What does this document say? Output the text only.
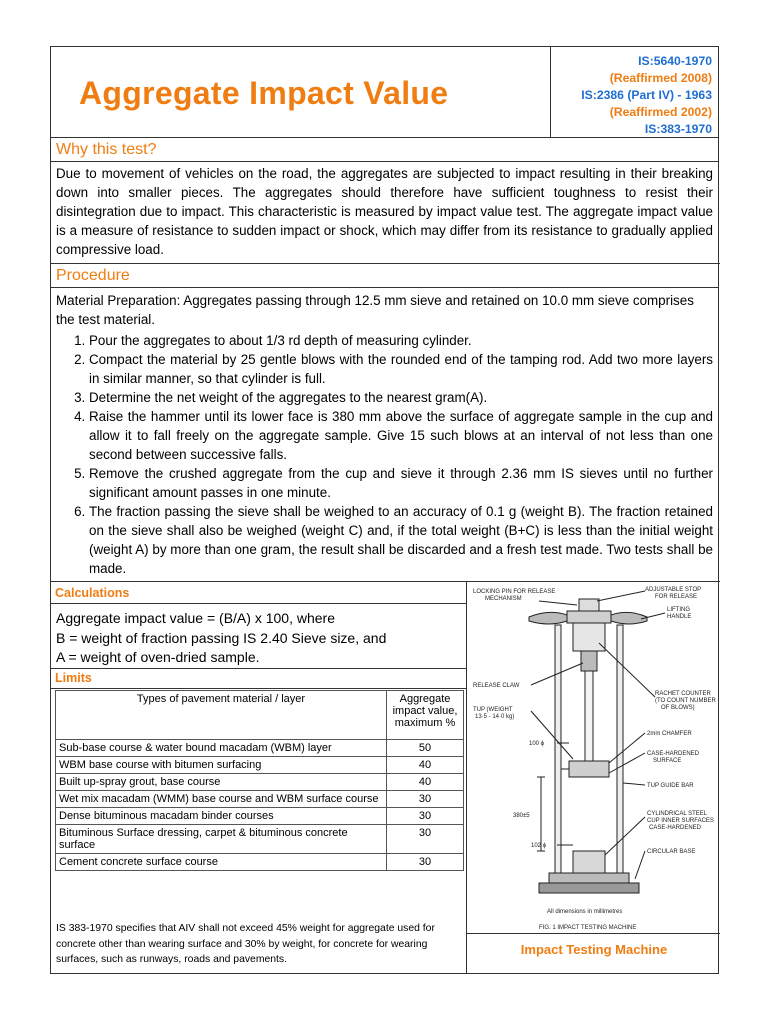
Aggregate Impact Value
IS:5640-1970
(Reaffirmed 2008)
IS:2386 (Part IV) - 1963
(Reaffirmed 2002)
IS:383-1970
Why this test?
Due to movement of vehicles on the road, the aggregates are subjected to impact resulting in their breaking down into smaller pieces. The aggregates should therefore have sufficient toughness to resist their disintegration due to impact. This characteristic is measured by impact value test. The aggregate impact value is a measure of resistance to sudden impact or shock, which may differ from its resistance to gradually applied compressive load.
Procedure
Material Preparation: Aggregates passing through 12.5 mm sieve and retained on 10.0 mm sieve comprises the test material.
1. Pour the aggregates to about 1/3 rd depth of measuring cylinder.
2. Compact the material by 25 gentle blows with the rounded end of the tamping rod. Add two more layers in similar manner, so that cylinder is full.
3. Determine the net weight of the aggregates to the nearest gram(A).
4. Raise the hammer until its lower face is 380 mm above the surface of aggregate sample in the cup and allow it to fall freely on the aggregate sample. Give 15 such blows at an interval of not less than one second between successive falls.
5. Remove the crushed aggregate from the cup and sieve it through 2.36 mm IS sieves until no further significant amount passes in one minute.
6. The fraction passing the sieve shall be weighed to an accuracy of 0.1 g (weight B). The fraction retained on the sieve shall also be weighed (weight C) and, if the total weight (B+C) is less than the initial weight (weight A) by more than one gram, the result shall be discarded and a fresh test made. Two tests shall be made.
Calculations
Aggregate impact value = (B/A) x 100, where
B = weight of fraction passing IS 2.40 Sieve size, and
A = weight of oven-dried sample.
Limits
Types of pavement material / layer	Aggregate impact value, maximum %
Sub-base course & water bound macadam (WBM) layer	50
WBM base course with bitumen surfacing	40
Built up-spray grout, base course	40
Wet mix macadam (WMM) base course and WBM surface course	30
Dense bituminous macadam binder courses	30
Bituminous Surface dressing, carpet & bituminous concrete surface	30
Cement concrete surface course	30
IS 383-1970 specifies that AIV shall not exceed 45% weight for aggregate used for concrete other than wearing surface and 30% by weight, for concrete for wearing surfaces, such as runways, roads and pavements.
LOCKING PIN FOR RELEASE
MECHANISM
ADJUSTABLE STOP
FOR RELEASE
LIFTING
HANDLE
RELEASE CLAW
RACHET COUNTER
(TO COUNT NUMBER
OF BLOWS)
TUP (WEIGHT
13·5 - 14·0 kg)
100 ϕ
2mm CHAMFER
CASE-HARDENED
SURFACE
380±5
TUP GUIDE BAR
102 ϕ
CYLINDRICAL STEEL
CUP INNER SURFACES
CASE-HARDENED
CIRCULAR BASE
All dimensions in millimetres
FIG. 1 IMPACT TESTING MACHINE
Impact Testing Machine
